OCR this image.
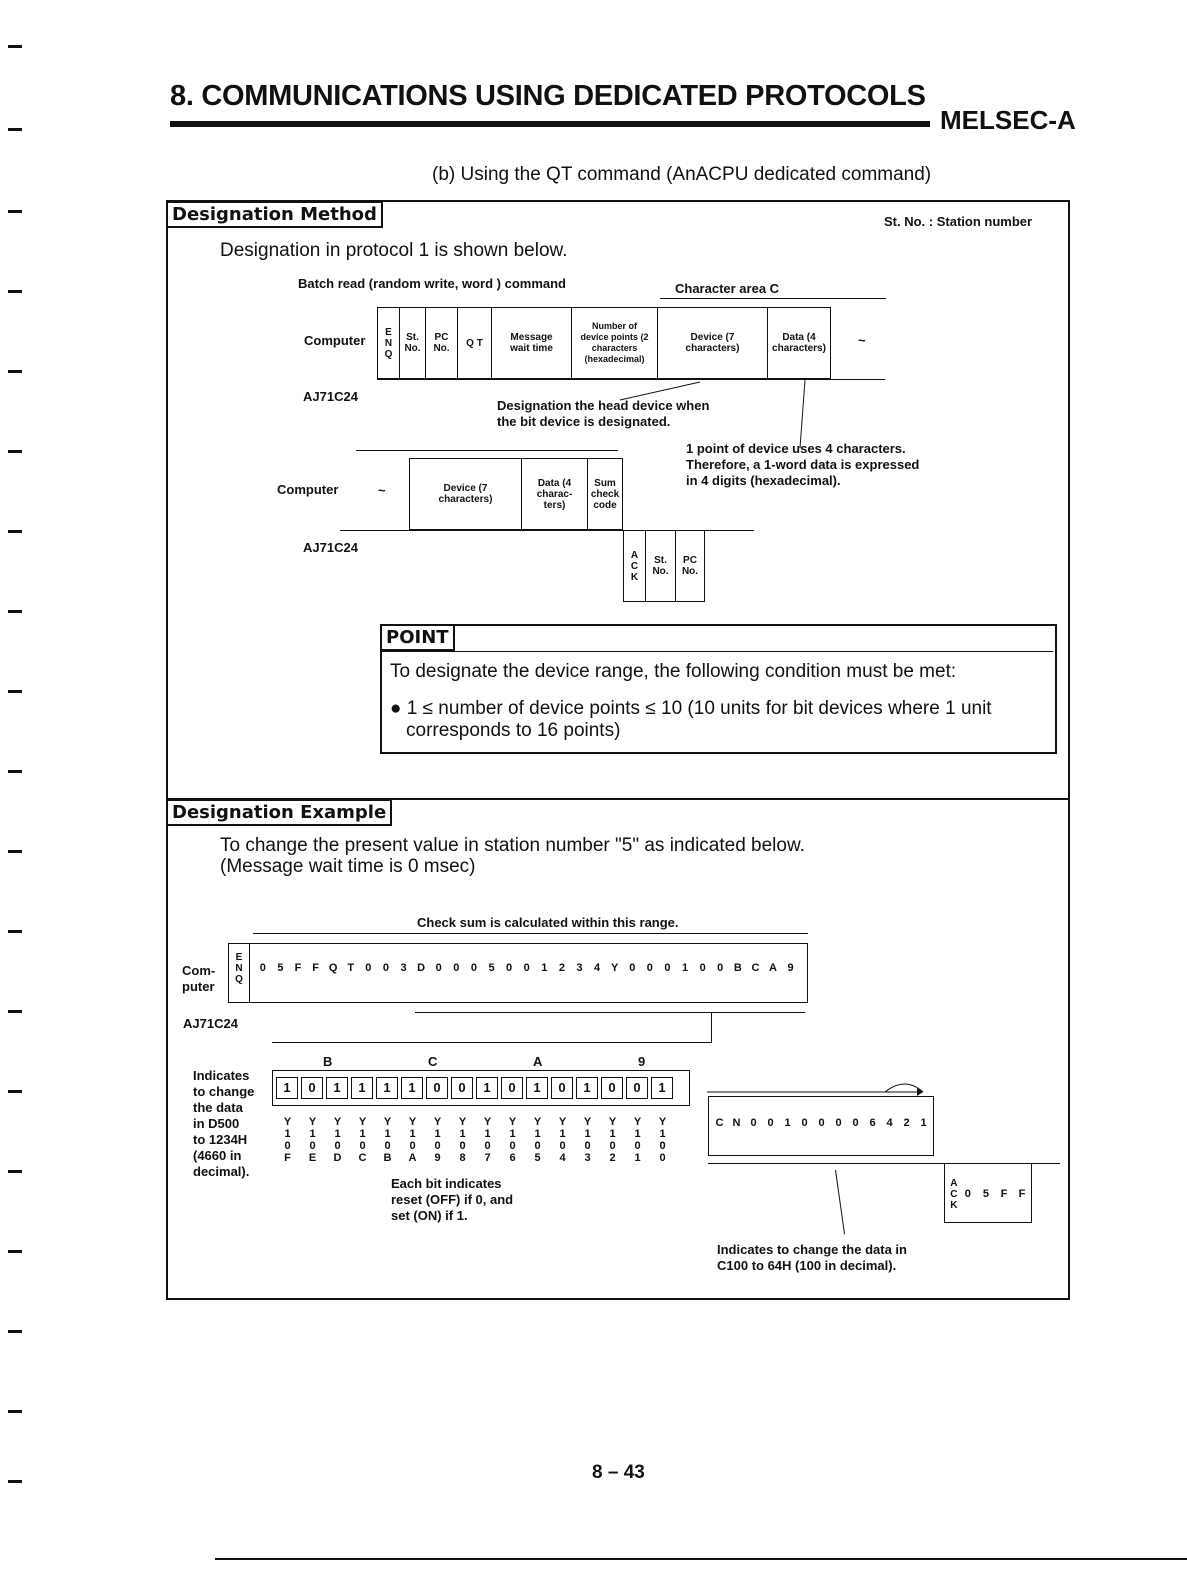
8. COMMUNICATIONS USING DEDICATED PROTOCOLS
MELSEC-A
(b) Using the QT command (AnACPU dedicated command)
Designation Method	St. No. : Station number
Designation in protocol 1 is shown below.
Batch read (random write, word ) command	Character area C
Computer
ENQ
St. No.
PC No.	Q T	Message wait time
Number of device points (2 characters (hexadecimal)
Device (7 characters)
Data (4 characters)
~
AJ71C24
Designation the head device when
the bit device is designated.
1 point of device uses 4 characters.
Therefore, a 1-word data is expressed
in 4 digits (hexadecimal).
Computer	~	Device (7 characters)
Data (4 charac- ters)
Sum check code
AJ71C24	ACK
St. No.
PC No.
POINT
To designate the device range, the following condition must be met:
● 1 ≤ number of device points ≤ 10 (10 units for bit devices where 1 unit
corresponds to 16 points)
Designation Example
To change the present value in station number "5" as indicated below.
(Message wait time is 0 msec)
Check sum is calculated within this range.
Com- puter
ENQ
0	5	F F Q T	0	0	3 D 0	0	0	5	0	0	1	2	3	4 Y 0	0	0	1	0	0 B C A 9
AJ71C24
Indicates
to change
the data
in D500
to 1234H
(4660 in
decimal).
B	C	A	9
1	0	1	1	1	1	0	0	1	0	1	0	1	0	0	1
Y
1
0
F
Y
1
0
E
Y
1
0
D
Y
1
0
C
Y
1
0
B
Y
1
0
A
Y
1
0
9
Y
1
0
8
Y
1
0
7
Y
1
0
6
Y
1
0
5
Y
1
0
4
Y
1
0
3
Y
1
0
2
Y
1
0
1
Y
1
0
0
Each bit indicates
reset (OFF) if 0, and
set (ON) if 1.
C N 0 0 1 0 0 0 0 6 4 2 1
ACK
0	5	F	F
Indicates to change the data in
C100 to 64H (100 in decimal).
8 – 43
